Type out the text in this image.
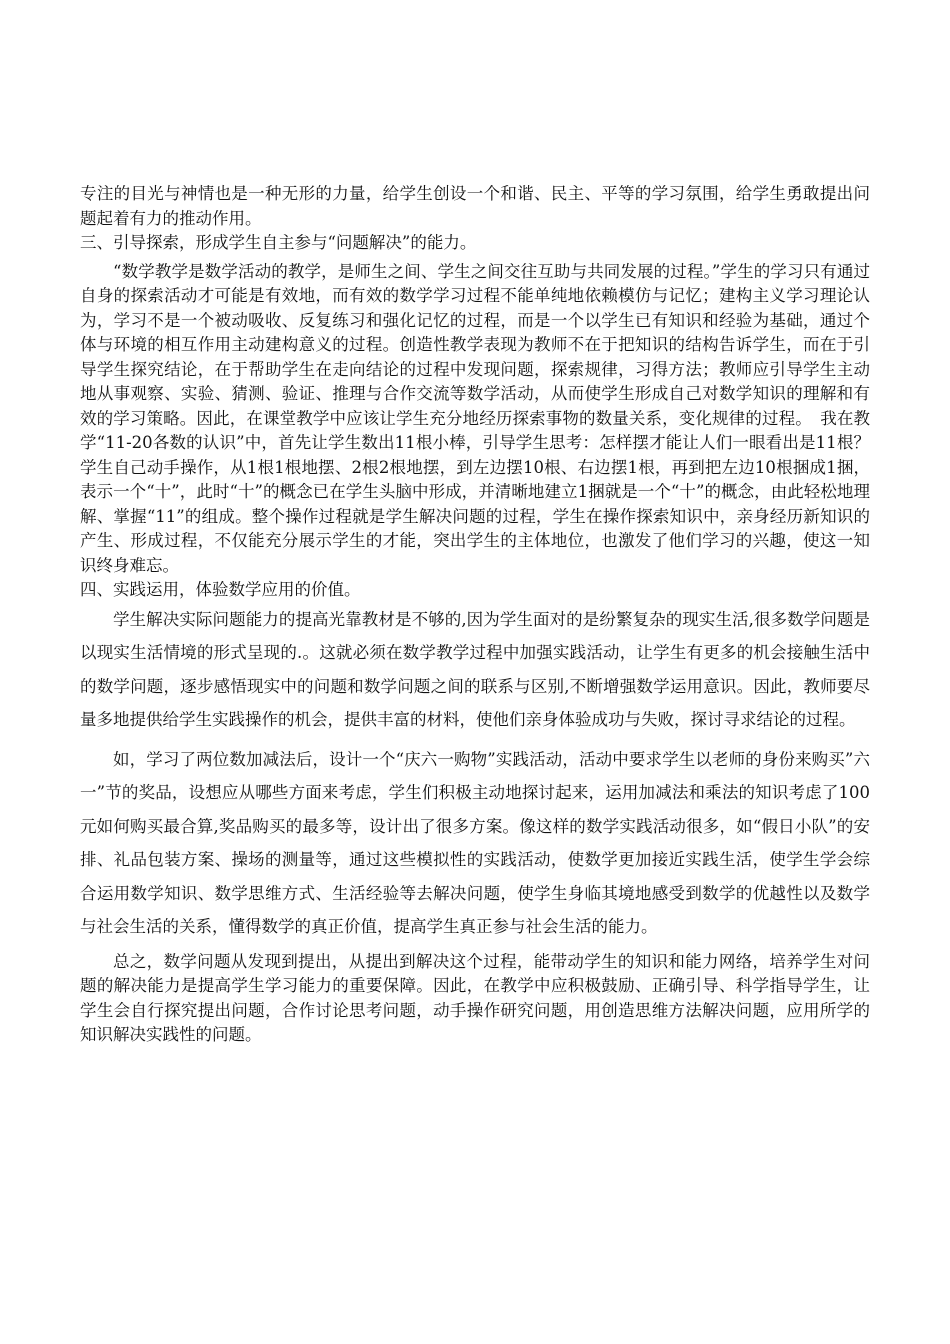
专注的目光与神情也是一种无形的力量，给学生创设一个和谐、民主、平等的学习氛围，给学生勇敢提出问题起着有力的推动作用。

三、引导探索，形成学生自主参与“问题解决”的能力。

“数学教学是数学活动的教学，是师生之间、学生之间交往互助与共同发展的过程。”学生的学习只有通过自身的探索活动才可能是有效地，而有效的数学学习过程不能单纯地依赖模仿与记忆；建构主义学习理论认为，学习不是一个被动吸收、反复练习和强化记忆的过程，而是一个以学生已有知识和经验为基础，通过个体与环境的相互作用主动建构意义的过程。创造性教学表现为教师不在于把知识的结构告诉学生，而在于引导学生探究结论，在于帮助学生在走向结论的过程中发现问题，探索规律，习得方法；教师应引导学生主动地从事观察、实验、猜测、验证、推理与合作交流等数学活动，从而使学生形成自己对数学知识的理解和有效的学习策略。因此，在课堂教学中应该让学生充分地经历探索事物的数量关系，变化规律的过程。　我在教学“11-20各数的认识”中，首先让学生数出11根小棒，引导学生思考：怎样摆才能让人们一眼看出是11根？学生自己动手操作，从1根1根地摆、2根2根地摆，到左边摆10根、右边摆1根，再到把左边10根捆成1捆，表示一个“十”，此时“十”的概念已在学生头脑中形成，并清晰地建立1捆就是一个“十”的概念，由此轻松地理解、掌握“11”的组成。整个操作过程就是学生解决问题的过程，学生在操作探索知识中，亲身经历新知识的产生、形成过程，不仅能充分展示学生的才能，突出学生的主体地位，也激发了他们学习的兴趣，使这一知识终身难忘。

四、实践运用，体验数学应用的价值。

学生解决实际问题能力的提高光靠教材是不够的,因为学生面对的是纷繁复杂的现实生活,很多数学问题是以现实生活情境的形式呈现的.。这就必须在数学教学过程中加强实践活动，让学生有更多的机会接触生活中的数学问题，逐步感悟现实中的问题和数学问题之间的联系与区别,不断增强数学运用意识。因此，教师要尽量多地提供给学生实践操作的机会，提供丰富的材料，使他们亲身体验成功与失败，探讨寻求结论的过程。

如，学习了两位数加减法后，设计一个“庆六一购物”实践活动，活动中要求学生以老师的身份来购买”六一”节的奖品，设想应从哪些方面来考虑，学生们积极主动地探讨起来，运用加减法和乘法的知识考虑了100元如何购买最合算,奖品购买的最多等，设计出了很多方案。像这样的数学实践活动很多，如“假日小队”的安排、礼品包装方案、操场的测量等，通过这些模拟性的实践活动，使数学更加接近实践生活，使学生学会综合运用数学知识、数学思维方式、生活经验等去解决问题，使学生身临其境地感受到数学的优越性以及数学与社会生活的关系，懂得数学的真正价值，提高学生真正参与社会生活的能力。

总之，数学问题从发现到提出，从提出到解决这个过程，能带动学生的知识和能力网络，培养学生对问题的解决能力是提高学生学习能力的重要保障。因此，在教学中应积极鼓励、正确引导、科学指导学生，让学生会自行探究提出问题，合作讨论思考问题，动手操作研究问题，用创造思维方法解决问题，应用所学的知识解决实践性的问题。
